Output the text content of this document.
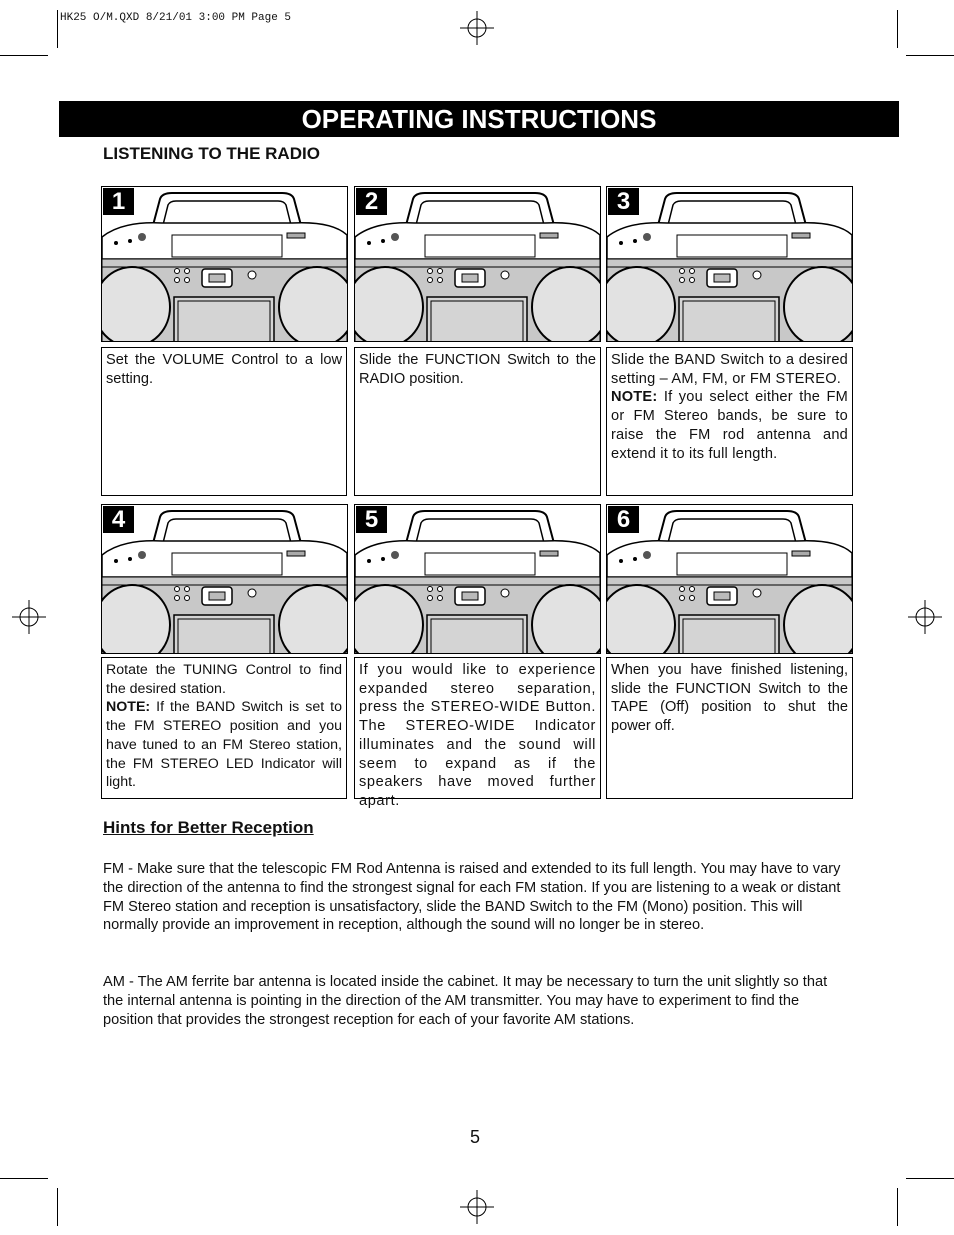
HK25 O/M.QXD 8/21/01 3:00 PM Page 5
OPERATING INSTRUCTIONS
LISTENING TO THE RADIO
1	2	3
4	5	6
Set the VOLUME Control to a low setting.
Slide the FUNCTION Switch to the RADIO position.
Slide the BAND Switch to a desired setting – AM, FM, or FM STEREO.
NOTE: If you select either the FM or FM Stereo bands, be sure to raise the FM rod antenna and extend it to its full length.
Rotate the TUNING Control to find the desired station.
NOTE: If the BAND Switch is set to the FM STEREO position and you have tuned to an FM Stereo station, the FM STEREO LED Indicator will light.
If you would like to experience expanded stereo separation, press the STEREO-WIDE Button. The STEREO-WIDE Indicator illuminates and the sound will seem to expand as if the speakers have moved further apart.
When you have finished listening, slide the FUNCTION Switch to the TAPE (Off) position to shut the power off.
Hints for Better Reception
FM - Make sure that the telescopic FM Rod Antenna is raised and extended to its full length. You may have to vary the direction of the antenna to find the strongest signal for each FM station. If you are listening to a weak or distant FM Stereo station and reception is unsatisfactory, slide the BAND Switch to the FM (Mono) position. This will normally provide an improvement in reception, although the sound will no longer be in stereo.
AM - The AM ferrite bar antenna is located inside the cabinet. It may be necessary to turn the unit slightly so that the internal antenna is pointing in the direction of the AM transmitter. You may have to experiment to find the position that provides the strongest reception for each of your favorite AM stations.
5
